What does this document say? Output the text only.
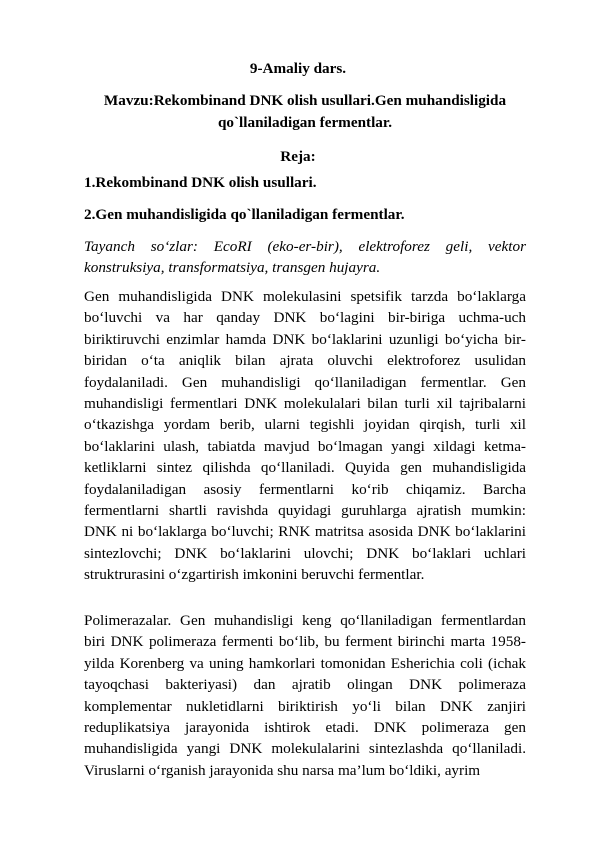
9-Amaliy dars.
Mavzu:Rekombinand DNK olish usullari.Gen muhandisligida qo`llaniladigan fermentlar.
Reja:
1.Rekombinand DNK olish usullari.
2.Gen muhandisligida qo`llaniladigan fermentlar.
Tayanch so‘zlar: EcoRI (eko-er-bir), elektroforez geli, vektor konstruksiya, transformatsiya, transgen hujayra.
Gen muhandisligida DNK molekulasini spetsifik tarzda bo‘laklarga bo‘luvchi va har qanday DNK bo‘lagini bir-biriga uchma-uch biriktiruvchi enzimlar hamda DNK bo‘laklarini uzunligi bo‘yicha bir-biridan o‘ta aniqlik bilan ajrata oluvchi elektroforez usulidan foydalaniladi. Gen muhandisligi qo‘llaniladigan fermentlar. Gen muhandisligi fermentlari DNK molekulalari bilan turli xil tajribalarni o‘tkazishga yordam berib, ularni tegishli joyidan qirqish, turli xil bo‘laklarini ulash, tabiatda mavjud bo‘lmagan yangi xildagi ketma-ketliklarni sintez qilishda qo‘llaniladi. Quyida gen muhandisligida foydalaniladigan asosiy fermentlarni ko‘rib chiqamiz. Barcha fermentlarni shartli ravishda quyidagi guruhlarga ajratish mumkin: DNK ni bo‘laklarga bo‘luvchi; RNK matritsa asosida DNK bo‘laklarini sintezlovchi; DNK bo‘laklarini ulovchi; DNK bo‘laklari uchlari struktrurasini o‘zgartirish imkonini beruvchi fermentlar.
Polimerazalar. Gen muhandisligi keng qo‘llaniladigan fermentlardan biri DNK polimeraza fermenti bo‘lib, bu ferment birinchi marta 1958-yilda Korenberg va uning hamkorlari tomonidan Esherichia coli (ichak tayoqchasi bakteriyasi) dan ajratib olingan DNK polimeraza komplementar nukletidlarni biriktirish yo‘li bilan DNK zanjiri reduplikatsiya jarayonida ishtirok etadi. DNK polimeraza gen muhandisligida yangi DNK molekulalarini sintezlashda qo‘llaniladi. Viruslarni o‘rganish jarayonida shu narsa ma’lum bo‘ldiki, ayrim
